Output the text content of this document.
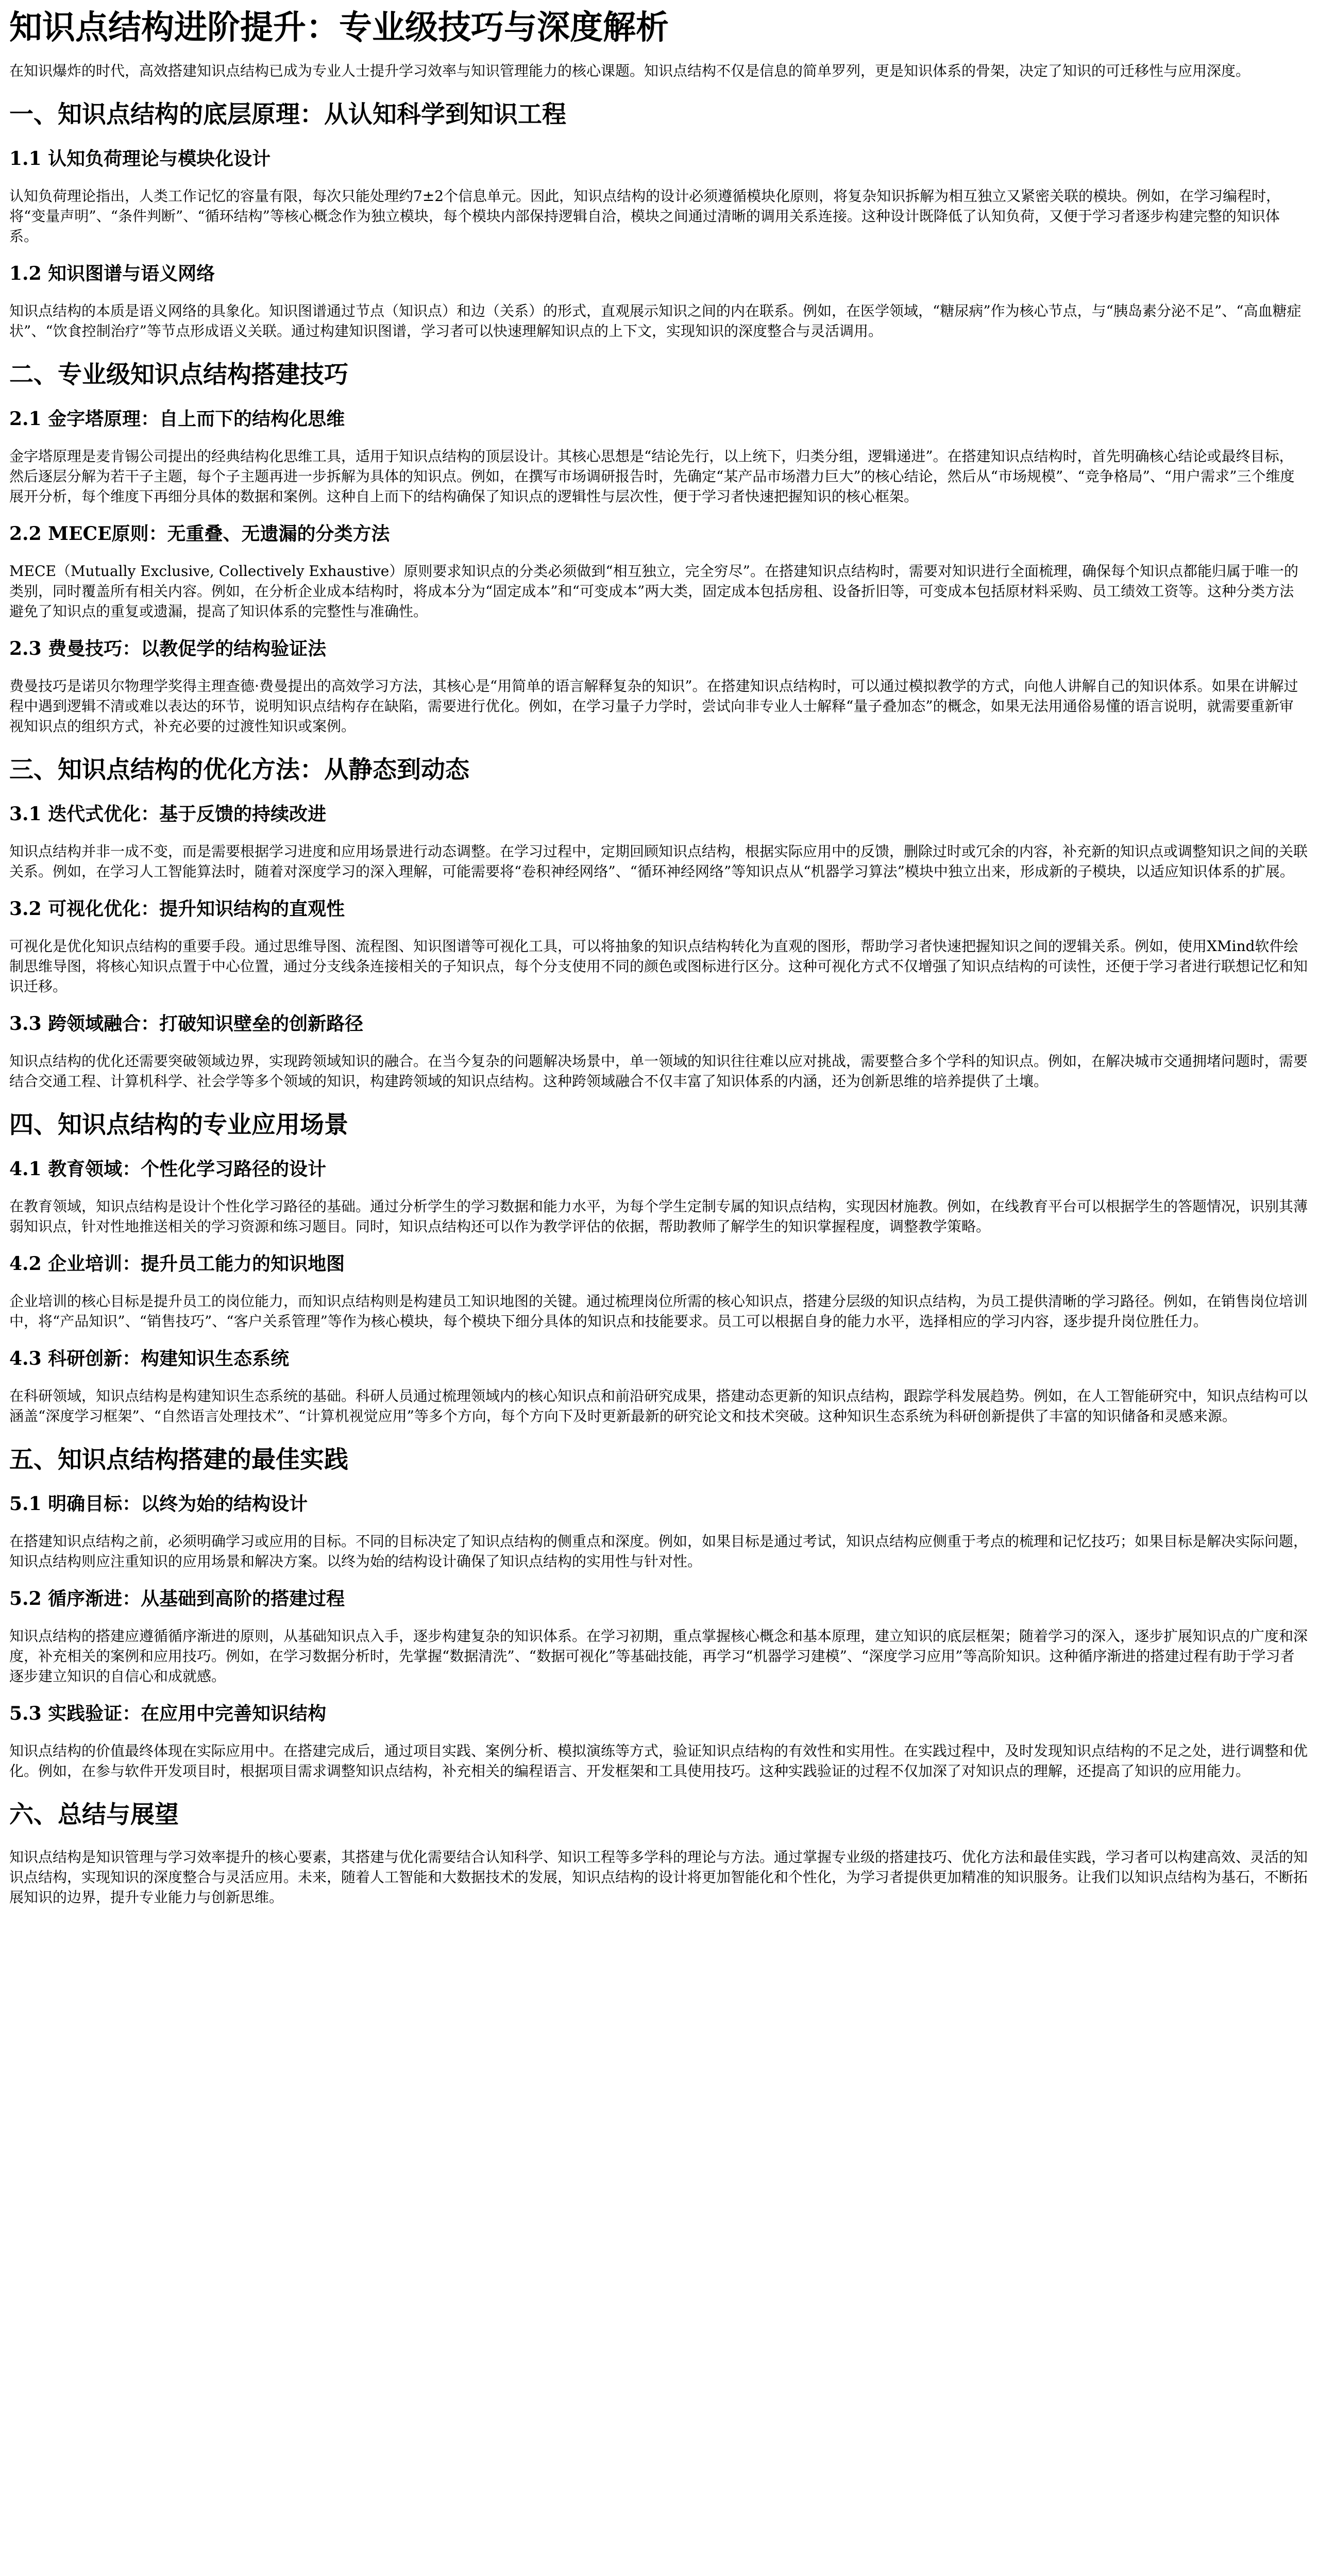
知识点结构进阶提升：专业级技巧与深度解析

在知识爆炸的时代，高效搭建知识点结构已成为专业人士提升学习效率与知识管理能力的核心课题。知识点结构不仅是信息的简单罗列，更是知识体系的骨架，决定了知识的可迁移性与应用深度。

一、知识点结构的底层原理：从认知科学到知识工程
1.1 认知负荷理论与模块化设计

认知负荷理论指出，人类工作记忆的容量有限，每次只能处理约7±2个信息单元。因此，知识点结构的设计必须遵循模块化原则，将复杂知识拆解为相互独立又紧密关联的模块。例如，在学习编程时，将“变量声明”、“条件判断”、“循环结构”等核心概念作为独立模块，每个模块内部保持逻辑自洽，模块之间通过清晰的调用关系连接。这种设计既降低了认知负荷，又便于学习者逐步构建完整的知识体系。

1.2 知识图谱与语义网络

知识点结构的本质是语义网络的具象化。知识图谱通过节点（知识点）和边（关系）的形式，直观展示知识之间的内在联系。例如，在医学领域，“糖尿病”作为核心节点，与“胰岛素分泌不足”、“高血糖症状”、“饮食控制治疗”等节点形成语义关联。通过构建知识图谱，学习者可以快速理解知识点的上下文，实现知识的深度整合与灵活调用。

二、专业级知识点结构搭建技巧
2.1 金字塔原理：自上而下的结构化思维

金字塔原理是麦肯锡公司提出的经典结构化思维工具，适用于知识点结构的顶层设计。其核心思想是“结论先行，以上统下，归类分组，逻辑递进”。在搭建知识点结构时，首先明确核心结论或最终目标，然后逐层分解为若干子主题，每个子主题再进一步拆解为具体的知识点。例如，在撰写市场调研报告时，先确定“某产品市场潜力巨大”的核心结论，然后从“市场规模”、“竞争格局”、“用户需求”三个维度展开分析，每个维度下再细分具体的数据和案例。这种自上而下的结构确保了知识点的逻辑性与层次性，便于学习者快速把握知识的核心框架。

2.2 MECE原则：无重叠、无遗漏的分类方法

MECE（Mutually Exclusive, Collectively Exhaustive）原则要求知识点的分类必须做到“相互独立，完全穷尽”。在搭建知识点结构时，需要对知识进行全面梳理，确保每个知识点都能归属于唯一的类别，同时覆盖所有相关内容。例如，在分析企业成本结构时，将成本分为“固定成本”和“可变成本”两大类，固定成本包括房租、设备折旧等，可变成本包括原材料采购、员工绩效工资等。这种分类方法避免了知识点的重复或遗漏，提高了知识体系的完整性与准确性。

2.3 费曼技巧：以教促学的结构验证法

费曼技巧是诺贝尔物理学奖得主理查德·费曼提出的高效学习方法，其核心是“用简单的语言解释复杂的知识”。在搭建知识点结构时，可以通过模拟教学的方式，向他人讲解自己的知识体系。如果在讲解过程中遇到逻辑不清或难以表达的环节，说明知识点结构存在缺陷，需要进行优化。例如，在学习量子力学时，尝试向非专业人士解释“量子叠加态”的概念，如果无法用通俗易懂的语言说明，就需要重新审视知识点的组织方式，补充必要的过渡性知识或案例。

三、知识点结构的优化方法：从静态到动态
3.1 迭代式优化：基于反馈的持续改进

知识点结构并非一成不变，而是需要根据学习进度和应用场景进行动态调整。在学习过程中，定期回顾知识点结构，根据实际应用中的反馈，删除过时或冗余的内容，补充新的知识点或调整知识之间的关联关系。例如，在学习人工智能算法时，随着对深度学习的深入理解，可能需要将“卷积神经网络”、“循环神经网络”等知识点从“机器学习算法”模块中独立出来，形成新的子模块，以适应知识体系的扩展。

3.2 可视化优化：提升知识结构的直观性

可视化是优化知识点结构的重要手段。通过思维导图、流程图、知识图谱等可视化工具，可以将抽象的知识点结构转化为直观的图形，帮助学习者快速把握知识之间的逻辑关系。例如，使用XMind软件绘制思维导图，将核心知识点置于中心位置，通过分支线条连接相关的子知识点，每个分支使用不同的颜色或图标进行区分。这种可视化方式不仅增强了知识点结构的可读性，还便于学习者进行联想记忆和知识迁移。

3.3 跨领域融合：打破知识壁垒的创新路径

知识点结构的优化还需要突破领域边界，实现跨领域知识的融合。在当今复杂的问题解决场景中，单一领域的知识往往难以应对挑战，需要整合多个学科的知识点。例如，在解决城市交通拥堵问题时，需要结合交通工程、计算机科学、社会学等多个领域的知识，构建跨领域的知识点结构。这种跨领域融合不仅丰富了知识体系的内涵，还为创新思维的培养提供了土壤。

四、知识点结构的专业应用场景
4.1 教育领域：个性化学习路径的设计

在教育领域，知识点结构是设计个性化学习路径的基础。通过分析学生的学习数据和能力水平，为每个学生定制专属的知识点结构，实现因材施教。例如，在线教育平台可以根据学生的答题情况，识别其薄弱知识点，针对性地推送相关的学习资源和练习题目。同时，知识点结构还可以作为教学评估的依据，帮助教师了解学生的知识掌握程度，调整教学策略。

4.2 企业培训：提升员工能力的知识地图

企业培训的核心目标是提升员工的岗位能力，而知识点结构则是构建员工知识地图的关键。通过梳理岗位所需的核心知识点，搭建分层级的知识点结构，为员工提供清晰的学习路径。例如，在销售岗位培训中，将“产品知识”、“销售技巧”、“客户关系管理”等作为核心模块，每个模块下细分具体的知识点和技能要求。员工可以根据自身的能力水平，选择相应的学习内容，逐步提升岗位胜任力。

4.3 科研创新：构建知识生态系统

在科研领域，知识点结构是构建知识生态系统的基础。科研人员通过梳理领域内的核心知识点和前沿研究成果，搭建动态更新的知识点结构，跟踪学科发展趋势。例如，在人工智能研究中，知识点结构可以涵盖“深度学习框架”、“自然语言处理技术”、“计算机视觉应用”等多个方向，每个方向下及时更新最新的研究论文和技术突破。这种知识生态系统为科研创新提供了丰富的知识储备和灵感来源。

五、知识点结构搭建的最佳实践
5.1 明确目标：以终为始的结构设计

在搭建知识点结构之前，必须明确学习或应用的目标。不同的目标决定了知识点结构的侧重点和深度。例如，如果目标是通过考试，知识点结构应侧重于考点的梳理和记忆技巧；如果目标是解决实际问题，知识点结构则应注重知识的应用场景和解决方案。以终为始的结构设计确保了知识点结构的实用性与针对性。

5.2 循序渐进：从基础到高阶的搭建过程

知识点结构的搭建应遵循循序渐进的原则，从基础知识点入手，逐步构建复杂的知识体系。在学习初期，重点掌握核心概念和基本原理，建立知识的底层框架；随着学习的深入，逐步扩展知识点的广度和深度，补充相关的案例和应用技巧。例如，在学习数据分析时，先掌握“数据清洗”、“数据可视化”等基础技能，再学习“机器学习建模”、“深度学习应用”等高阶知识。这种循序渐进的搭建过程有助于学习者逐步建立知识的自信心和成就感。

5.3 实践验证：在应用中完善知识结构

知识点结构的价值最终体现在实际应用中。在搭建完成后，通过项目实践、案例分析、模拟演练等方式，验证知识点结构的有效性和实用性。在实践过程中，及时发现知识点结构的不足之处，进行调整和优化。例如，在参与软件开发项目时，根据项目需求调整知识点结构，补充相关的编程语言、开发框架和工具使用技巧。这种实践验证的过程不仅加深了对知识点的理解，还提高了知识的应用能力。

六、总结与展望

知识点结构是知识管理与学习效率提升的核心要素，其搭建与优化需要结合认知科学、知识工程等多学科的理论与方法。通过掌握专业级的搭建技巧、优化方法和最佳实践，学习者可以构建高效、灵活的知识点结构，实现知识的深度整合与灵活应用。未来，随着人工智能和大数据技术的发展，知识点结构的设计将更加智能化和个性化，为学习者提供更加精准的知识服务。让我们以知识点结构为基石，不断拓展知识的边界，提升专业能力与创新思维。
